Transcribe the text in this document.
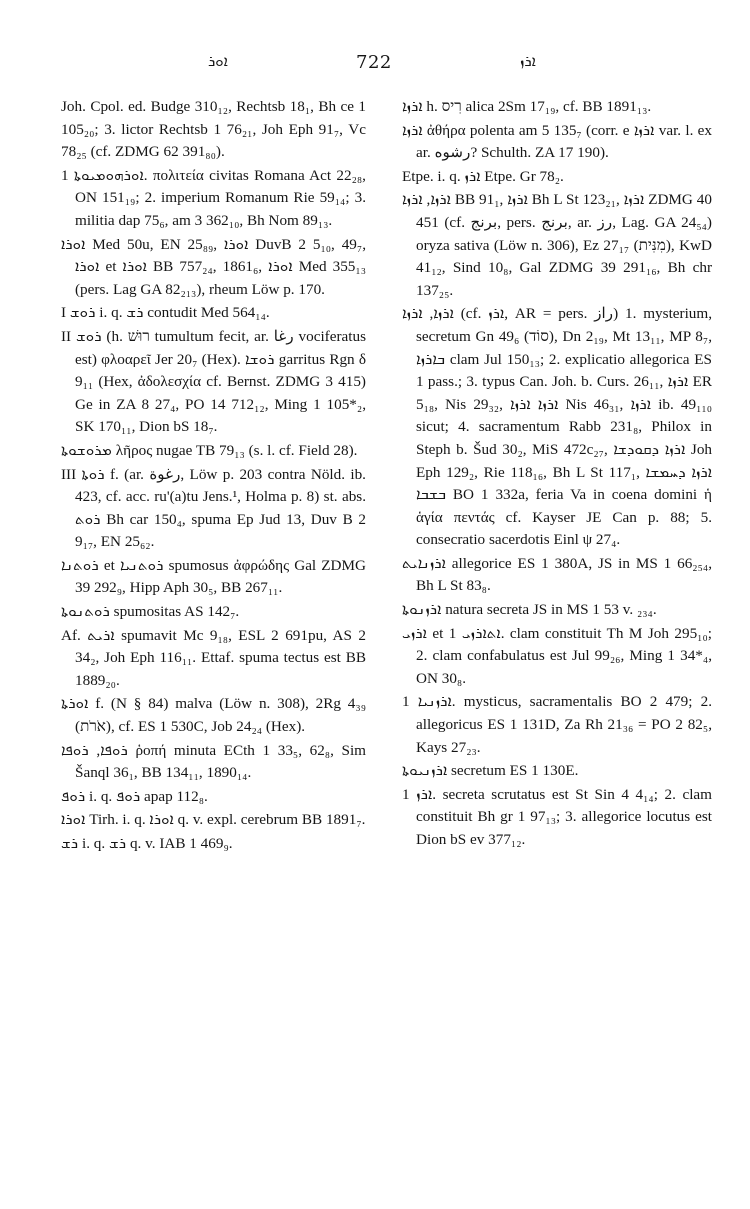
ܐܘܪ	722	ܐܪܙ

Joh. Cpol. ed. Budge 310₁₂, Rechtsb 18₁, Bh ce 1 105₂₀; 3. lictor Rechtsb 1 76₂₁, Joh Eph 91₇, Vc 78₂₅ (cf. ZDMG 62 391₈₀).

ܐܘܪܗܘܡܝܘܬܐ 1. πολιτεία civitas Romana Act 22₂₈, ON 151₁₉; 2. imperium Romanum Rie 59₁₄; 3. militia dap 75₆, am 3 362₁₀, Bh Nom 89₁₃.

ܐܘܪܐ Med 50u, EN 25₈₉, ܐܘܪܐ DuvB 2 5₁₀, 49₇, ܐܘܪܐ et ܐܘܪܐ BB 757₂₄, 1861₆, ܐܘܪܐ Med 355₁₃ (pers. Lag GA 82₂₁₃), rheum Löw p. 170.

I ܪܘܫ i. q. ܪܫ contudit Med 564₁₄.

II ܪܘܫ (h. רוּשׁ tumultum fecit, ar. رغا vociferatus est) φλοαρεῖ Jer 20₇ (Hex). ܪܘܫܐ garritus Rgn δ 9₁₁ (Hex, ἀδολεσχία cf. Bernst. ZDMG 3 415) Ge in ZA 8 27₄, PO 14 712₁₂, Ming 1 105*₂, SK 170₁₁, Dion bS 18₇.

ܡܪܘܫܘܬܐ λῆρος nugae TB 79₁₃ (s. l. cf. Field 28).

III ܪܘܬܐ f. (ar. رغوة, Löw p. 203 contra Nöld. ib. 423, cf. acc. ru'(a)tu Jens.¹, Holma p. 8) st. abs. ܪܘܬ Bh car 150₄, spuma Ep Jud 13, Duv B 2 9₁₇, EN 25₆₂.

ܪܘܬܢܐ et ܪܘܬܢܝܐ spumosus ἀφρώδης Gal ZDMG 39 292₉, Hipp Aph 30₅, BB 267₁₁.

ܪܘܬܢܘܬܐ spumositas AS 142₇.

Af. ܐܪܝܬ spumavit Mc 9₁₈, ESL 2 691pu, AS 2 34₂, Joh Eph 116₁₁. Ettaf. spuma tectus est BB 1889₂₀.

ܐܘܪܬܐ f. (N § 84) malva (Löw n. 308), 2Rg 4₃₉ (אֹרֹת), cf. ES 1 530C, Job 24₂₄ (Hex).

ܪܘܦܐ, ܪܘܦܐ ῥοπή minuta ECth 1 33₅, 62₈, Sim Šanql 36₁, BB 134₁₁, 1890₁₄.

ܪܘܦ i. q. ܪܘܦ apap 112₈.

ܐܘܪܐ Tirh. i. q. ܐܘܪܐ q. v. expl. cerebrum BB 1891₇.

ܪܫ i. q. ܪܫ q. v. IAB 1 469₉.

ܐܪܙܐ h. רִיס alica 2Sm 17₁₉, cf. BB 1891₁₃.

ܐܪܙܐ ἀθήρα polenta am 5 135₇ (corr. e ܐܪܙܐ var. l. ex ar. رشوه? Schulth. ZA 17 190).

Etpe. i. q. ܐܪܙ Etpe. Gr 78₂.

ܐܪܙܐ, ܐܪܙܐ BB 91₁, ܐܪܙܐ Bh L St 123₂₁, ܐܪܙܐ ZDMG 40 451 (cf. برنج, pers. برنج, ar. رز, Lag. GA 24₅₄) oryza sativa (Löw n. 306), Ez 27₁₇ (מִנִּית), KwD 41₁₂, Sind 10₈, Gal ZDMG 39 291₁₆, Bh chr 137₂₅.

ܐܪܙܐ, ܐܪܙܐ (cf. ܐܪܙ, AR = pers. راز) 1. mysterium, secretum Gn 49₆ (סוֹד), Dn 2₁₉, Mt 13₁₁, MP 8₇, ܒܐܪܙܐ clam Jul 150₁₃; 2. explicatio allegorica ES 1 pass.; 3. typus Can. Joh. b. Curs. 26₁₁, ܐܪܙܐ ER 5₁₈, Nis 29₃₂, ܐܪܙܐ ܐܪܙܐ Nis 46₃₁, ܐܪܙܐ ib. 49₁₁₀ sicut; 4. sacramentum Rabb 231₈, Philox in Steph b. Šud 30₂, MiS 472c₂₇, ܐܪܙܐ ܕܩܘܕܫܐ Joh Eph 129₂, Rie 118₁₆, Bh L St 117₁, ܐܪܙܐ ܕܚܡܫܐ ܒܫܒܐ BO 1 332a, feria Va in coena domini ἡ ἁγία πεντάς cf. Kayser JE Can p. 88; 5. consecratio sacerdotis Einl ψ 27₄.

ܐܪܙܢܐܝܬ allegorice ES 1 380A, JS in MS 1 66₂₅₄, Bh L St 83₈.

ܐܪܙܢܘܬܐ natura secreta JS in MS 1 53 v. ₂₃₄.

ܐܪܙܝ et ܐܬܐܪܙܝ 1. clam constituit Th M Joh 295₁₀; 2. clam confabulatus est Jul 99₂₆, Ming 1 34*₄, ON 30₈.

ܐܪܙܢܝܐ 1. mysticus, sacramentalis BO 2 479; 2. allegoricus ES 1 131D, Za Rh 21₃₆ = PO 2 82₅, Kays 27₂₃.

ܐܪܙܢܝܘܬܐ secretum ES 1 130E.

ܐܪܙ 1. secreta scrutatus est St Sin 4 4₁₄; 2. clam constituit Bh gr 1 97₁₃; 3. allegorice locutus est Dion bS ev 377₁₂.
